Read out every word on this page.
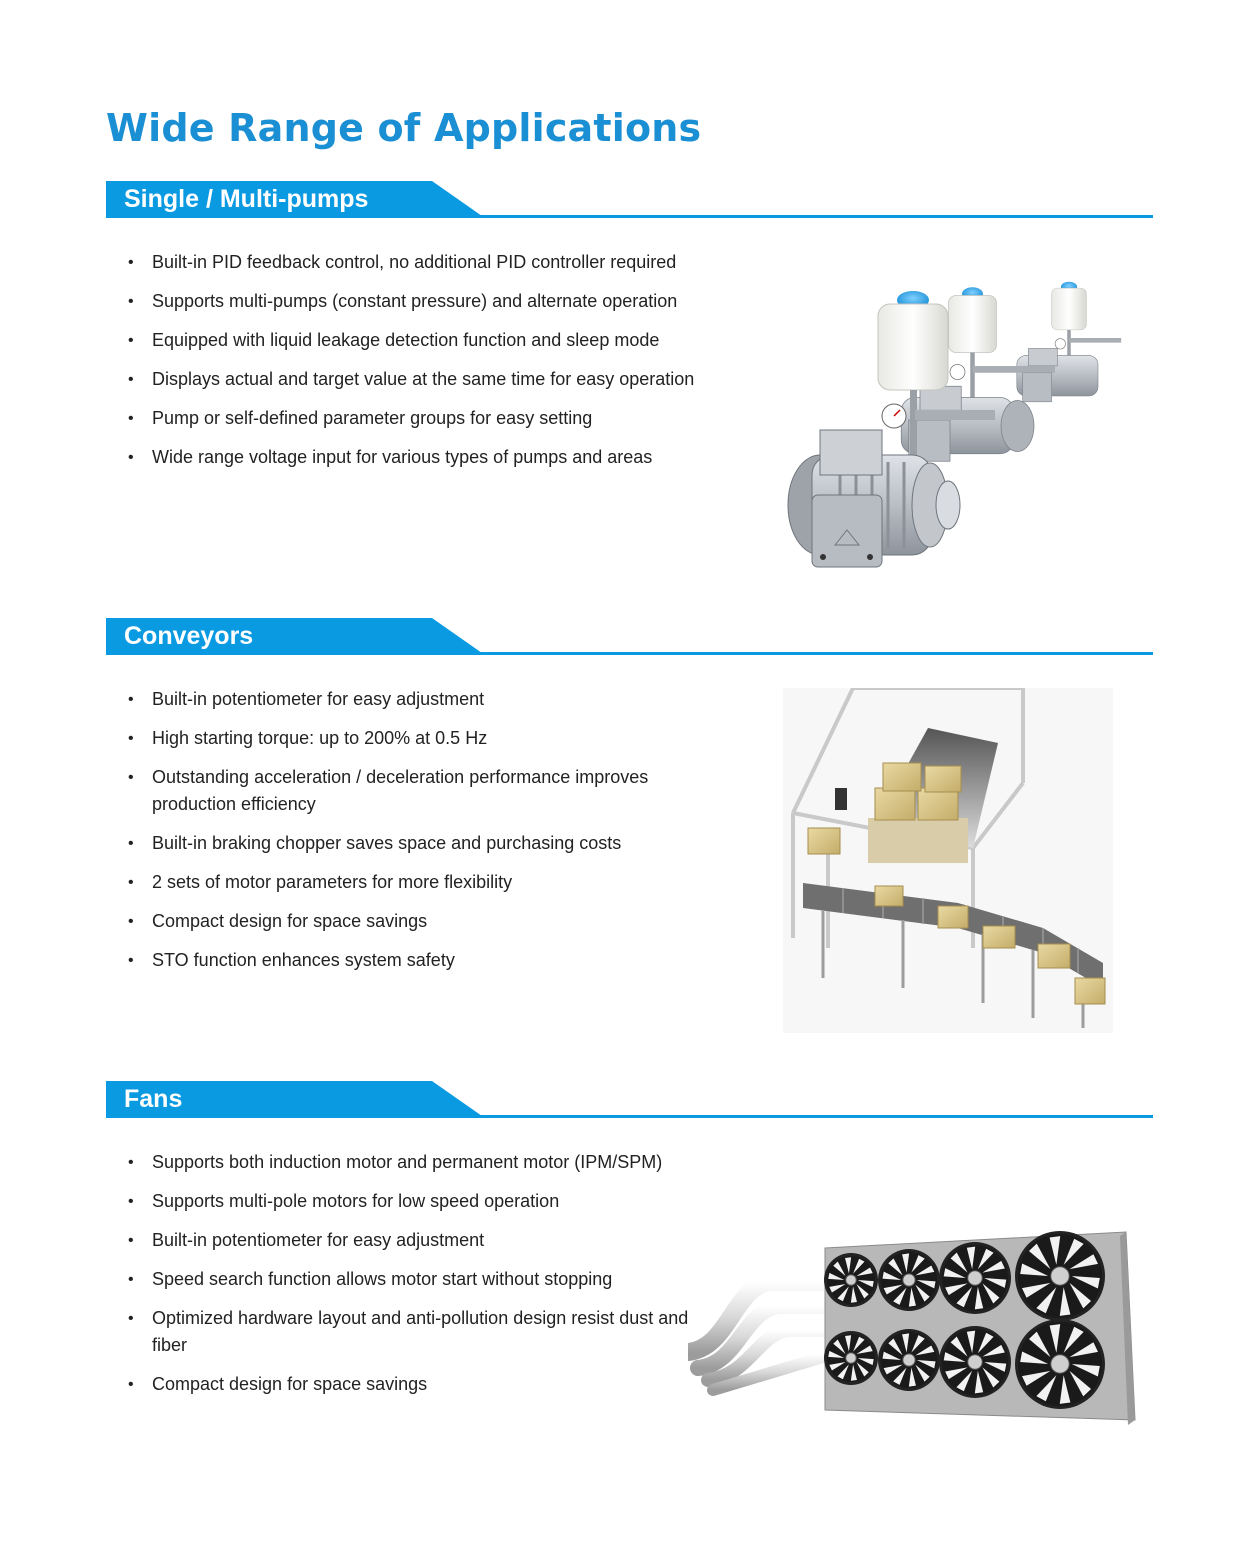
Wide Range of Applications
Single / Multi-pumps
• Built-in PID feedback control, no additional PID controller required
• Supports multi-pumps (constant pressure) and alternate operation
• Equipped with liquid leakage detection function and sleep mode
• Displays actual and target value at the same time for easy operation
• Pump or self-defined parameter groups for easy setting
• Wide range voltage input for various types of pumps and areas
Conveyors
• Built-in potentiometer for easy adjustment
• High starting torque: up to 200% at 0.5 Hz
• Outstanding acceleration / deceleration performance improves production efficiency
• Built-in braking chopper saves space and purchasing costs
• 2 sets of motor parameters for more flexibility
• Compact design for space savings
• STO function enhances system safety
Fans
• Supports both induction motor and permanent motor (IPM/SPM)
• Supports multi-pole motors for low speed operation
• Built-in potentiometer for easy adjustment
• Speed search function allows motor start without stopping
• Optimized hardware layout and anti-pollution design resist dust and fiber
• Compact design for space savings
